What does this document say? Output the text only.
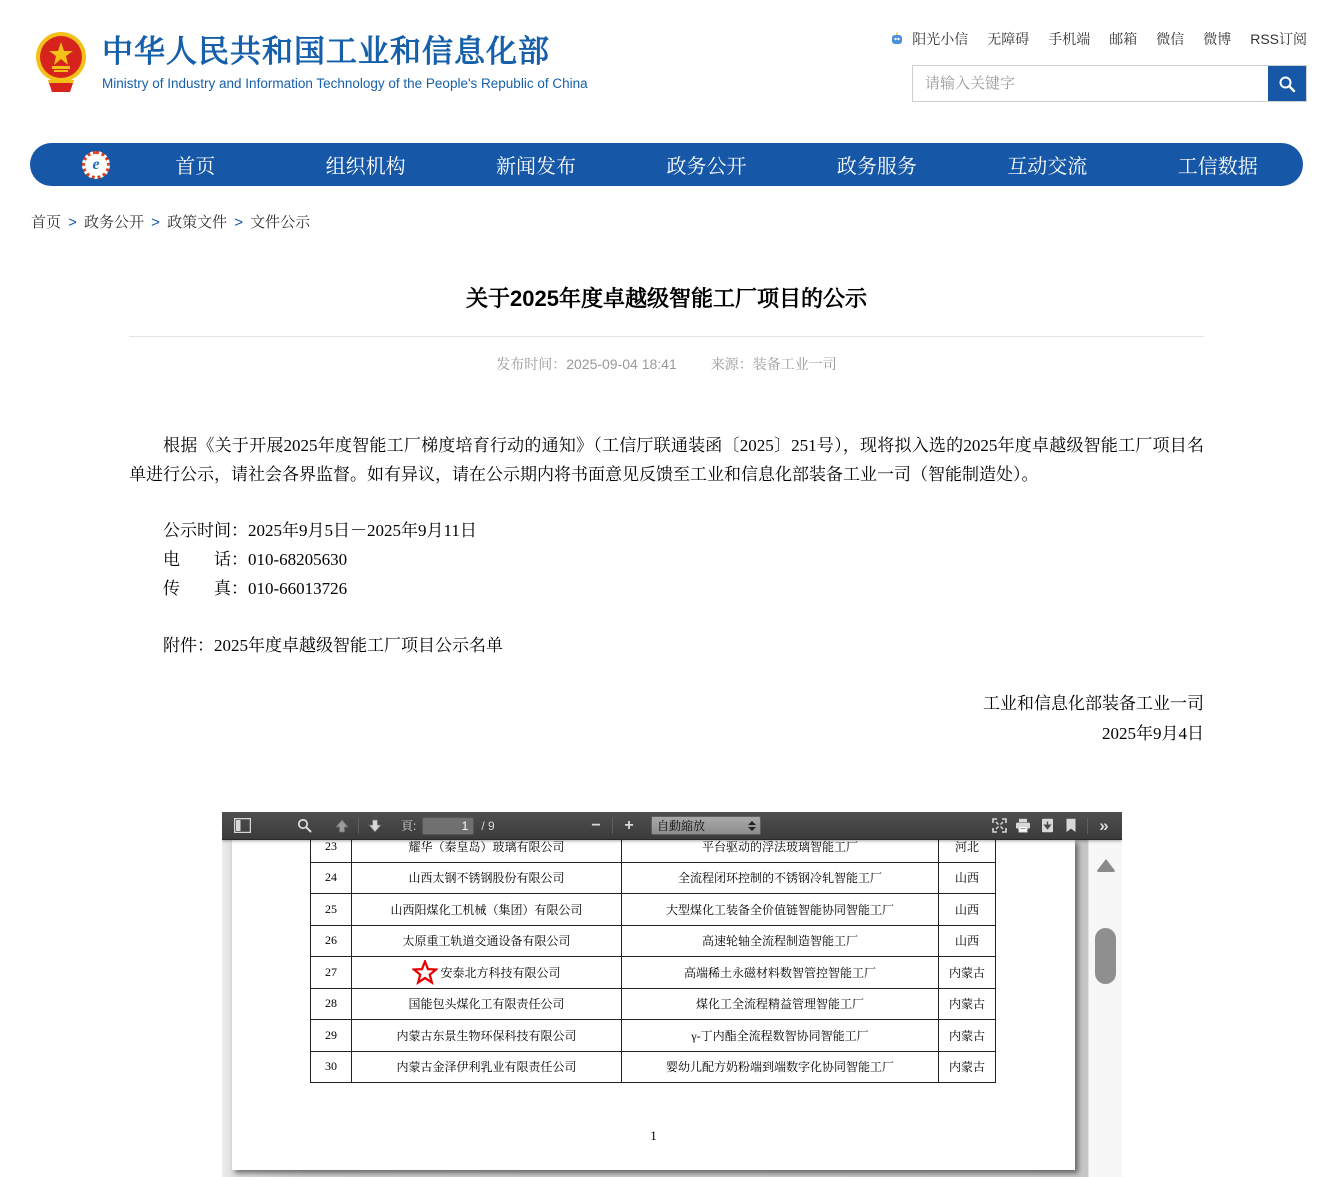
中华人民共和国工业和信息化部
Ministry of Industry and Information Technology of the People's Republic of China
阳光小信 无障碍 手机端 邮箱 微信 微博 RSS订阅
请输入关键字
e	首页	组织机构	新闻发布	政务公开	政务服务	互动交流	工信数据
首页 > 政务公开 > 政策文件 > 文件公示
关于2025年度卓越级智能工厂项目的公示
发布时间：2025-09-04 18:41 来源：装备工业一司

根据《关于开展2025年度智能工厂梯度培育行动的通知》（工信厅联通装函〔2025〕251号），现将拟入选的2025年度卓越级智能工厂项目名单进行公示，请社会各界监督。如有异议，请在公示期内将书面意见反馈至工业和信息化部装备工业一司（智能制造处）。

公示时间：2025年9月5日－2025年9月11日
电　　话：010-68205630
传　　真：010-66013726
附件：2025年度卓越级智能工厂项目公示名单
工业和信息化部装备工业一司
2025年9月4日
頁:
1	/ 9	− + 自動縮放	»
23	耀华（秦皇岛）玻璃有限公司	平台驱动的浮法玻璃智能工厂	河北
24	山西太钢不锈钢股份有限公司	全流程闭环控制的不锈钢冷轧智能工厂	山西
25	山西阳煤化工机械（集团）有限公司	大型煤化工装备全价值链智能协同智能工厂	山西
26	太原重工轨道交通设备有限公司	高速轮轴全流程制造智能工厂	山西
27	安泰北方科技有限公司	高端稀土永磁材料数智管控智能工厂	内蒙古
28	国能包头煤化工有限责任公司	煤化工全流程精益管理智能工厂	内蒙古
29	内蒙古东景生物环保科技有限公司	γ-丁内酯全流程数智协同智能工厂	内蒙古
30	内蒙古金泽伊利乳业有限责任公司	婴幼儿配方奶粉端到端数字化协同智能工厂	内蒙古
1
